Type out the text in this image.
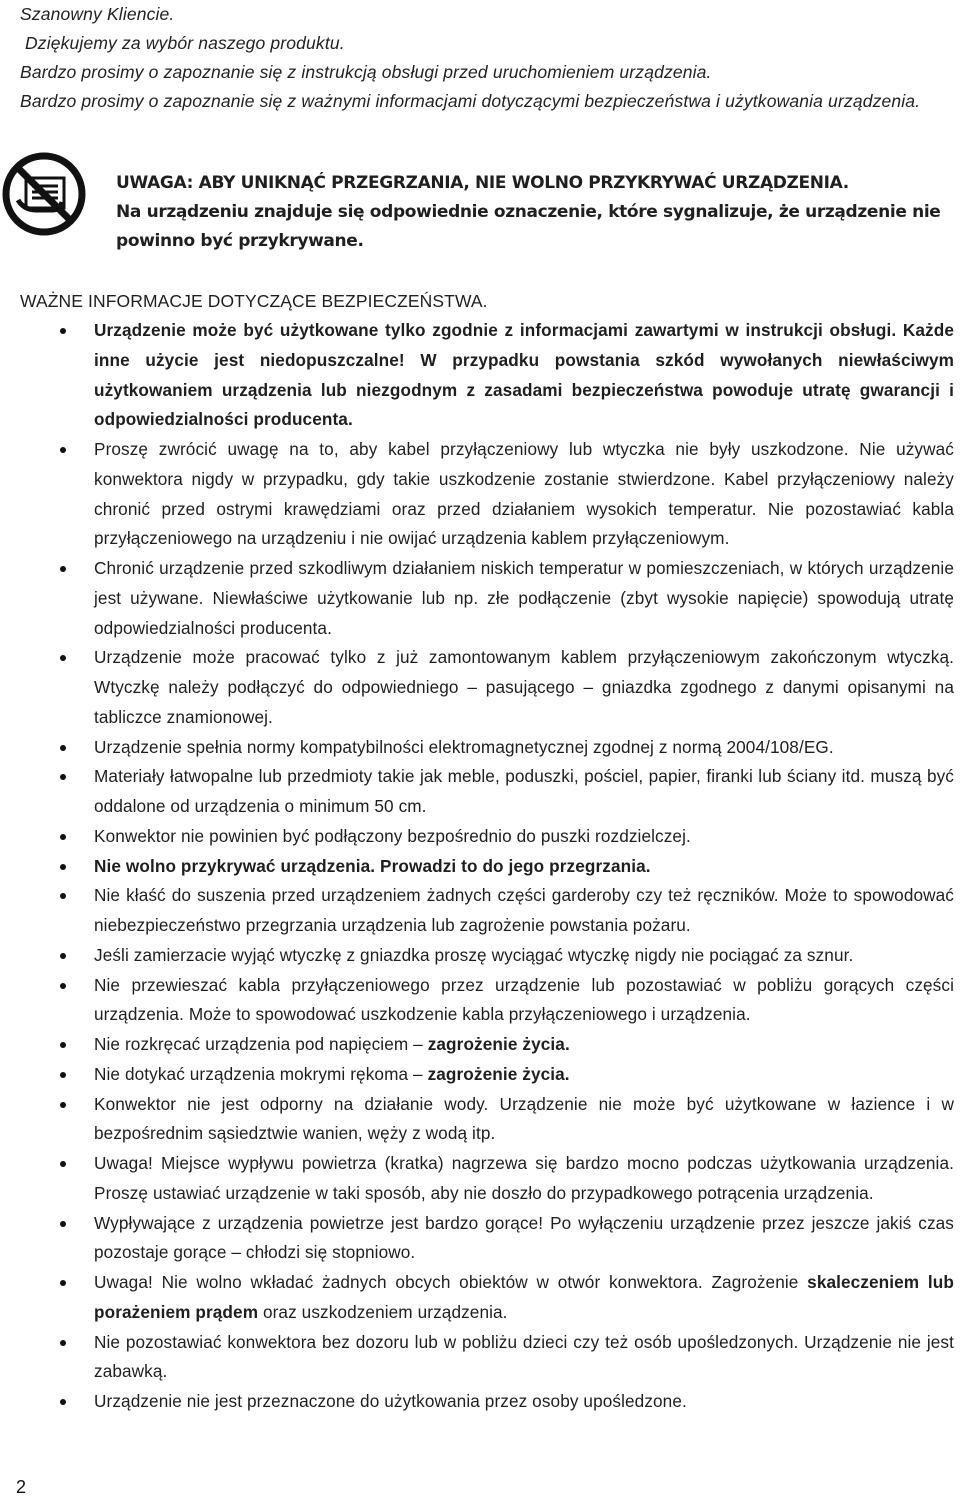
Szanowny Kliencie.

Dziękujemy za wybór naszego produktu.

Bardzo prosimy o zapoznanie się z instrukcją obsługi przed uruchomieniem urządzenia.

Bardzo prosimy o zapoznanie się z ważnymi informacjami dotyczącymi bezpieczeństwa i użytkowania urządzenia.

UWAGA: ABY UNIKNĄĆ PRZEGRZANIA, NIE WOLNO PRZYKRYWAĆ URZĄDZENIA.

Na urządzeniu znajduje się odpowiednie oznaczenie, które sygnalizuje, że urządzenie nie powinno być przykrywane.

WAŻNE INFORMACJE DOTYCZĄCE BEZPIECZEŃSTWA.

Urządzenie może być użytkowane tylko zgodnie z informacjami zawartymi w instrukcji obsługi. Każde inne użycie jest niedopuszczalne! W przypadku powstania szkód wywołanych niewłaściwym użytkowaniem urządzenia lub niezgodnym z zasadami bezpieczeństwa powoduje utratę gwarancji i odpowiedzialności producenta.
Proszę zwrócić uwagę na to, aby kabel przyłączeniowy lub wtyczka nie były uszkodzone. Nie używać konwektora nigdy w przypadku, gdy takie uszkodzenie zostanie stwierdzone. Kabel przyłączeniowy należy chronić przed ostrymi krawędziami oraz przed działaniem wysokich temperatur. Nie pozostawiać kabla przyłączeniowego na urządzeniu i nie owijać urządzenia kablem przyłączeniowym.
Chronić urządzenie przed szkodliwym działaniem niskich temperatur w pomieszczeniach, w których urządzenie jest używane. Niewłaściwe użytkowanie lub np. złe podłączenie (zbyt wysokie napięcie) spowodują utratę odpowiedzialności producenta.
Urządzenie może pracować tylko z już zamontowanym kablem przyłączeniowym zakończonym wtyczką. Wtyczkę należy podłączyć do odpowiedniego – pasującego – gniazdka zgodnego z danymi opisanymi na tabliczce znamionowej.
Urządzenie spełnia normy kompatybilności elektromagnetycznej zgodnej z normą 2004/108/EG.
Materiały łatwopalne lub przedmioty takie jak meble, poduszki, pościel, papier, firanki lub ściany itd. muszą być oddalone od urządzenia o minimum 50 cm.
Konwektor nie powinien być podłączony bezpośrednio do puszki rozdzielczej.
Nie wolno przykrywać urządzenia. Prowadzi to do jego przegrzania.
Nie kłaść do suszenia przed urządzeniem żadnych części garderoby czy też ręczników. Może to spowodować niebezpieczeństwo przegrzania urządzenia lub zagrożenie powstania pożaru.
Jeśli zamierzacie wyjąć wtyczkę z gniazdka proszę wyciągać wtyczkę nigdy nie pociągać za sznur.
Nie przewieszać kabla przyłączeniowego przez urządzenie lub pozostawiać w pobliżu gorących części urządzenia. Może to spowodować uszkodzenie kabla przyłączeniowego i urządzenia.
Nie rozkręcać urządzenia pod napięciem – zagrożenie życia.
Nie dotykać urządzenia mokrymi rękoma – zagrożenie życia.
Konwektor nie jest odporny na działanie wody. Urządzenie nie może być użytkowane w łazience i w bezpośrednim sąsiedztwie wanien, węży z wodą itp.
Uwaga! Miejsce wypływu powietrza (kratka) nagrzewa się bardzo mocno podczas użytkowania urządzenia. Proszę ustawiać urządzenie w taki sposób, aby nie doszło do przypadkowego potrącenia urządzenia.
Wypływające z urządzenia powietrze jest bardzo gorące! Po wyłączeniu urządzenie przez jeszcze jakiś czas pozostaje gorące – chłodzi się stopniowo.
Uwaga! Nie wolno wkładać żadnych obcych obiektów w otwór konwektora. Zagrożenie skaleczeniem lub porażeniem prądem oraz uszkodzeniem urządzenia.
Nie pozostawiać konwektora bez dozoru lub w pobliżu dzieci czy też osób upośledzonych. Urządzenie nie jest zabawką.
Urządzenie nie jest przeznaczone do użytkowania przez osoby upośledzone.
2
